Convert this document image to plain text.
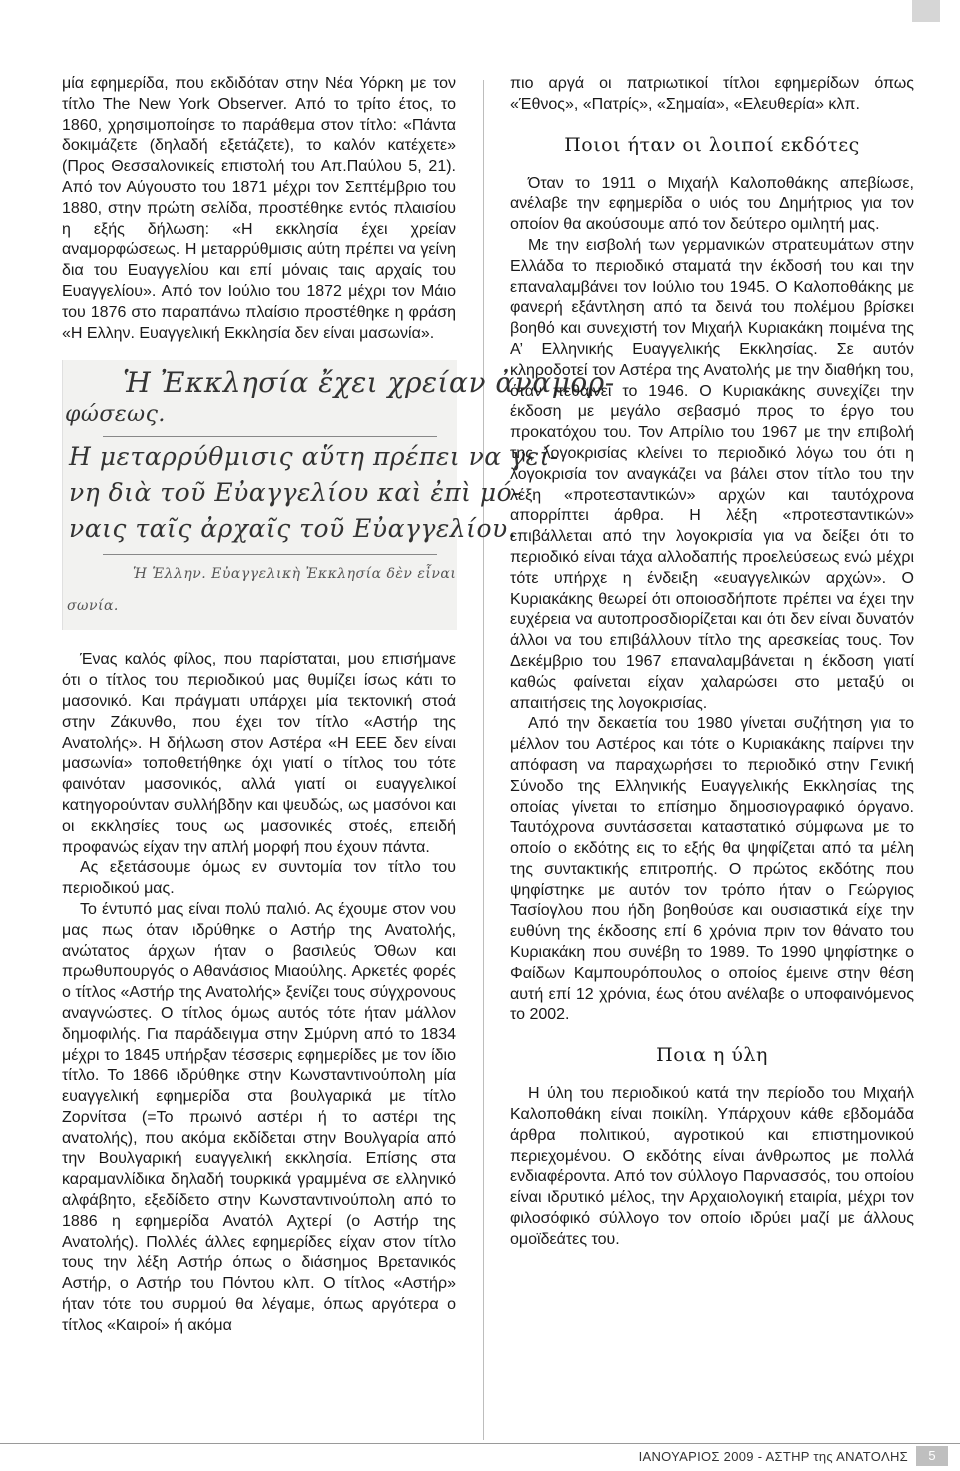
μία εφημερίδα, που εκδιδόταν στην Νέα Υόρκη με τον τίτλο The New York Observer. Από το τρίτο έτος, το 1860, χρησιμοποίησε το παράθεμα στον τίτλο: «Πάντα δοκιμάζετε (δηλαδή εξετάζετε), το καλόν κατέχετε» (Προς Θεσσαλονικείς επιστολή του Απ.Παύλου 5, 21). Από τον Αύγουστο του 1871 μέχρι τον Σεπτέμβριο του 1880, στην πρώτη σελίδα, προστέθηκε εντός πλαισίου η εξής δήλωση: «Η εκκλησία έχει χρείαν αναμορφώσεως. Η μεταρρύθμισις αύτη πρέπει να γείνη δια του Ευαγγελίου και επί μόναις ταις αρχαίς του Ευαγγελίου». Από τον Ιούλιο του 1872 μέχρι τον Μάιο του 1876 στο παραπάνω πλαίσιο προστέθηκε η φράση «Η Ελλην. Ευαγγελική Εκκλησία δεν είναι μασωνία».

Ἡ Ἐκκλησία ἔχει χρείαν ἀναμορ-
φώσεως.
Η μεταρρύθμισις αὕτη πρέπει να γεί-
νη διὰ τοῦ Εὐαγγελίου καὶ ἐπὶ μό-
ναις ταῖς ἀρχαῖς τοῦ Εὐαγγελίου.
Ἡ Ἑλλην. Εὐαγγελικὴ Ἐκκλησία δὲν εἶναι
σωνία.

Ένας καλός φίλος, που παρίσταται, μου επισήμανε ότι ο τίτλος του περιοδικού μας θυμίζει ίσως κάτι το μασονικό. Και πράγματι υπάρχει μία τεκτονική στοά στην Ζάκυνθο, που έχει τον τίτλο «Αστήρ της Ανατολής». Η δήλωση στον Αστέρα «Η ΕΕΕ δεν είναι μασωνία» τοποθετήθηκε όχι γιατί ο τίτλος του τότε φαινόταν μασονικός, αλλά γιατί οι ευαγγελικοί κατηγορούνταν συλλήβδην και ψευδώς, ως μασόνοι και οι εκκλησίες τους ως μασονικές στοές, επειδή προφανώς είχαν την απλή μορφή που έχουν πάντα.

Ας εξετάσουμε όμως εν συντομία τον τίτλο του περιοδικού μας.

Το έντυπό μας είναι πολύ παλιό. Ας έχουμε στον νου μας πως όταν ιδρύθηκε ο Αστήρ της Ανατολής, ανώτατος άρχων ήταν ο βασιλεύς Όθων και πρωθυπουργός ο Αθανάσιος Μιαούλης. Αρκετές φορές ο τίτλος «Αστήρ της Ανατολής» ξενίζει τους σύγχρονους αναγνώστες. Ο τίτλος όμως αυτός τότε ήταν μάλλον δημοφιλής. Για παράδειγμα στην Σμύρνη από το 1834 μέχρι το 1845 υπήρξαν τέσσερις εφημερίδες με τον ίδιο τίτλο. Το 1866 ιδρύθηκε στην Κωνσταντινούπολη μία ευαγγελική εφημερίδα στα βουλγαρικά με τίτλο Ζορνίτσα (=Το πρωινό αστέρι ή το αστέρι της ανατολής), που ακόμα εκδίδεται στην Βουλγαρία από την Βουλγαρική ευαγγελική εκκλησία. Επίσης στα καραμανλίδικα δηλαδή τουρκικά γραμμένα σε ελληνικό αλφάβητο, εξεδίδετο στην Κωνσταντινούπολη από το 1886 η εφημερίδα Ανατόλ Αχτερί (ο Αστήρ της Ανατολής). Πολλές άλλες εφημερίδες είχαν στον τίτλο τους την λέξη Αστήρ όπως ο διάσημος Βρετανικός Αστήρ, ο Αστήρ του Πόντου κλπ. Ο τίτλος «Αστήρ» ήταν τότε του συρμού θα λέγαμε, όπως αργότερα ο τίτλος «Καιροί» ή ακόμα

πιο αργά οι πατριωτικοί τίτλοι εφημερίδων όπως «Έθνος», «Πατρίς», «Σημαία», «Ελευθερία» κλπ.

Ποιοι ήταν οι λοιποί εκδότες

Όταν το 1911 ο Μιχαήλ Καλοποθάκης απεβίωσε, ανέλαβε την εφημερίδα ο υιός του Δημήτριος για τον οποίον θα ακούσουμε από τον δεύτερο ομιλητή μας.

Με την εισβολή των γερμανικών στρατευμάτων στην Ελλάδα το περιοδικό σταματά την έκδοσή του και την επαναλαμβάνει τον Ιούλιο του 1945. Ο Καλοποθάκης με φανερή εξάντληση από τα δεινά του πολέμου βρίσκει βοηθό και συνεχιστή τον Μιχαήλ Κυριακάκη ποιμένα της Α’ Ελληνικής Ευαγγελικής Εκκλησίας. Σε αυτόν κληροδοτεί τον Αστέρα της Ανατολής με την διαθήκη του, όταν πεθαίνει το 1946. Ο Κυριακάκης συνεχίζει την έκδοση με μεγάλο σεβασμό προς το έργο του προκατόχου του. Τον Απρίλιο του 1967 με την επιβολή της λογοκρισίας κλείνει το περιοδικό λόγω του ότι η λογοκρισία τον αναγκάζει να βάλει στον τίτλο του την λέξη «προτεσταντικών» αρχών και ταυτόχρονα απορρίπτει άρθρα. Η λέξη «προτεσταντικών» επιβάλλεται από την λογοκρισία για να δείξει ότι το περιοδικό είναι τάχα αλλοδαπής προελεύσεως ενώ μέχρι τότε υπήρχε η ένδειξη «ευαγγελικών αρχών». Ο Κυριακάκης θεωρεί ότι οποιοσδήποτε πρέπει να έχει την ευχέρεια να αυτοπροσδιορίζεται και ότι δεν είναι δυνατόν άλλοι να του επιβάλλουν τίτλο της αρεσκείας τους. Τον Δεκέμβριο του 1967 επαναλαμβάνεται η έκδοση γιατί καθώς φαίνεται είχαν χαλαρώσει στο μεταξύ οι απαιτήσεις της λογοκρισίας.

Από την δεκαετία του 1980 γίνεται συζήτηση για το μέλλον του Αστέρος και τότε ο Κυριακάκης παίρνει την απόφαση να παραχωρήσει το περιοδικό στην Γενική Σύνοδο της Ελληνικής Ευαγγελικής Εκκλησίας της οποίας γίνεται το επίσημο δημοσιογραφικό όργανο. Ταυτόχρονα συντάσσεται καταστατικό σύμφωνα με το οποίο ο εκδότης εις το εξής θα ψηφίζεται από τα μέλη της συντακτικής επιτροπής. Ο πρώτος εκδότης που ψηφίστηκε με αυτόν τον τρόπο ήταν ο Γεώργιος Τασίογλου που ήδη βοηθούσε και ουσιαστικά είχε την ευθύνη της έκδοσης επί 6 χρόνια πριν τον θάνατο του Κυριακάκη που συνέβη το 1989. Το 1990 ψηφίστηκε ο Φαίδων Καμπουρόπουλος ο οποίος έμεινε στην θέση αυτή επί 12 χρόνια, έως ότου ανέλαβε ο υποφαινόμενος το 2002.

Ποια η ύλη

Η ύλη του περιοδικού κατά την περίοδο του Μιχαήλ Καλοποθάκη είναι ποικίλη. Υπάρχουν κάθε εβδομάδα άρθρα πολιτικού, αγροτικού και επιστημονικού περιεχομένου. Ο εκδότης είναι άνθρωπος με πολλά ενδιαφέροντα. Από τον σύλλογο Παρνασσός, του οποίου είναι ιδρυτικό μέλος, την Αρχαιολογική εταιρία, μέχρι τον φιλοσόφικό σύλλογο τον οποίο ιδρύει μαζί με άλλους ομοϊδεάτες του.

ΙΑΝΟΥΑΡΙΟΣ 2009 - ΑΣΤΗΡ της ΑΝΑΤΟΛΗΣ	5
